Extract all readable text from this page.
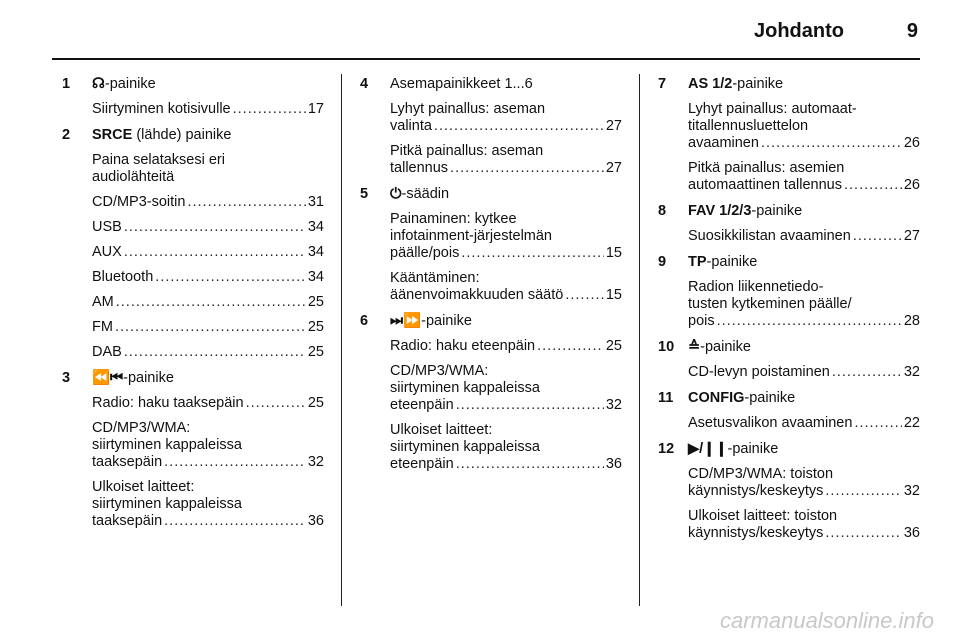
Johdanto	9
1	☊-painike
Siirtyminen kotisivulle .....	17
2	SRCE (lähde) painike
Paina selataksesi eri
audiolähteitä
CD/MP3-soitin .....	31
USB .....	34
AUX .....	34
Bluetooth .....	34
AM .....	25
FM .....	25
DAB .....	25
3	⏪⏮-painike
Radio: haku taaksepäin .....	25
CD/MP3/WMA:
siirtyminen kappaleissa
taaksepäin .....	32
Ulkoiset laitteet:
siirtyminen kappaleissa
taaksepäin .....	36
4	Asemapainikkeet 1...6
Lyhyt painallus: aseman
valinta .....	27
Pitkä painallus: aseman
tallennus .....	27
5	⏻-säädin
Painaminen: kytkee
infotainment-järjestelmän
päälle/pois .....	15
Kääntäminen:
äänenvoimakkuuden säätö .....	15
6	⏭⏩-painike
Radio: haku eteenpäin .....	25
CD/MP3/WMA:
siirtyminen kappaleissa
eteenpäin .....	32
Ulkoiset laitteet:
siirtyminen kappaleissa
eteenpäin .....	36
7	AS 1/2-painike
Lyhyt painallus: automaat-
titallennusluettelon
avaaminen .....	26
Pitkä painallus: asemien
automaattinen tallennus .....	26
8	FAV 1/2/3-painike
Suosikkilistan avaaminen .....	27
9	TP-painike
Radion liikennetiedo-
tusten kytkeminen päälle/
pois .....	28
10 ≙-painike
CD-levyn poistaminen .....	32
11	CONFIG-painike
Asetusvalikon avaaminen .....	22
12 ▶/❙❙-painike
CD/MP3/WMA: toiston
käynnistys/keskeytys .....	32
Ulkoiset laitteet: toiston
käynnistys/keskeytys .....	36
carmanualsonline.info
